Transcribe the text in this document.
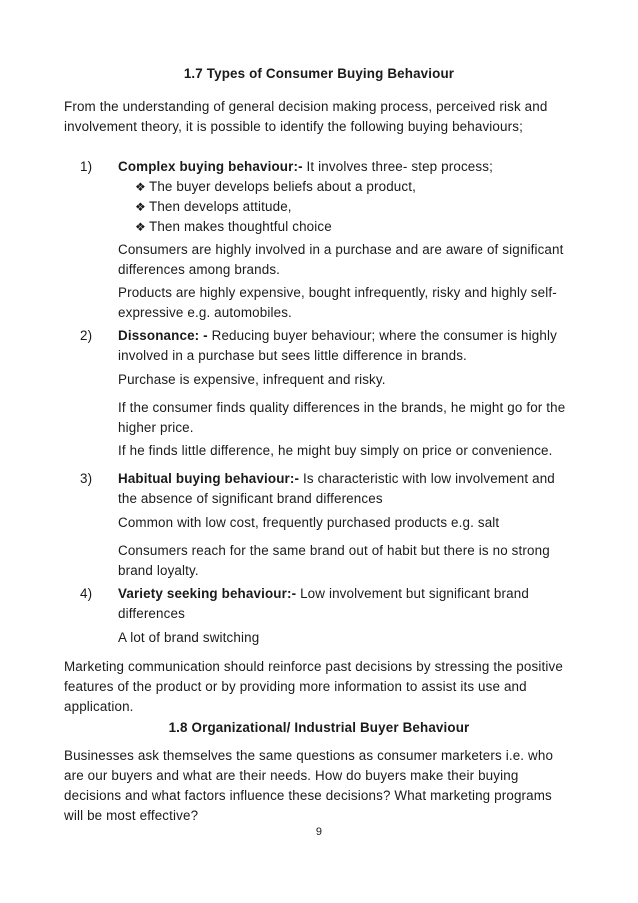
1.7 Types of Consumer Buying Behaviour

From the understanding of general decision making process, perceived risk and involvement theory, it is possible to identify the following buying behaviours;

1)	Complex buying behaviour:- It involves three- step process;
❖ The buyer develops beliefs about a product,
❖ Then develops attitude,
❖ Then makes thoughtful choice

Consumers are highly involved in a purchase and are aware of significant differences among brands.

Products are highly expensive, bought infrequently, risky and highly self-expressive e.g. automobiles.

2)	Dissonance: - Reducing buyer behaviour; where the consumer is highly involved in a purchase but sees little difference in brands.

Purchase is expensive, infrequent and risky.

If the consumer finds quality differences in the brands, he might go for the higher price.

If he finds little difference, he might buy simply on price or convenience.

3)	Habitual buying behaviour:- Is characteristic with low involvement and the absence of significant brand differences

Common with low cost, frequently purchased products e.g. salt

Consumers reach for the same brand out of habit but there is no strong brand loyalty.

4)	Variety seeking behaviour:- Low involvement but significant brand differences

A lot of brand switching

Marketing communication should reinforce past decisions by stressing the positive features of the product or by providing more information to assist its use and application.

1.8 Organizational/ Industrial Buyer Behaviour

Businesses ask themselves the same questions as consumer marketers i.e. who are our buyers and what are their needs. How do buyers make their buying decisions and what factors influence these decisions? What marketing programs will be most effective?

9
